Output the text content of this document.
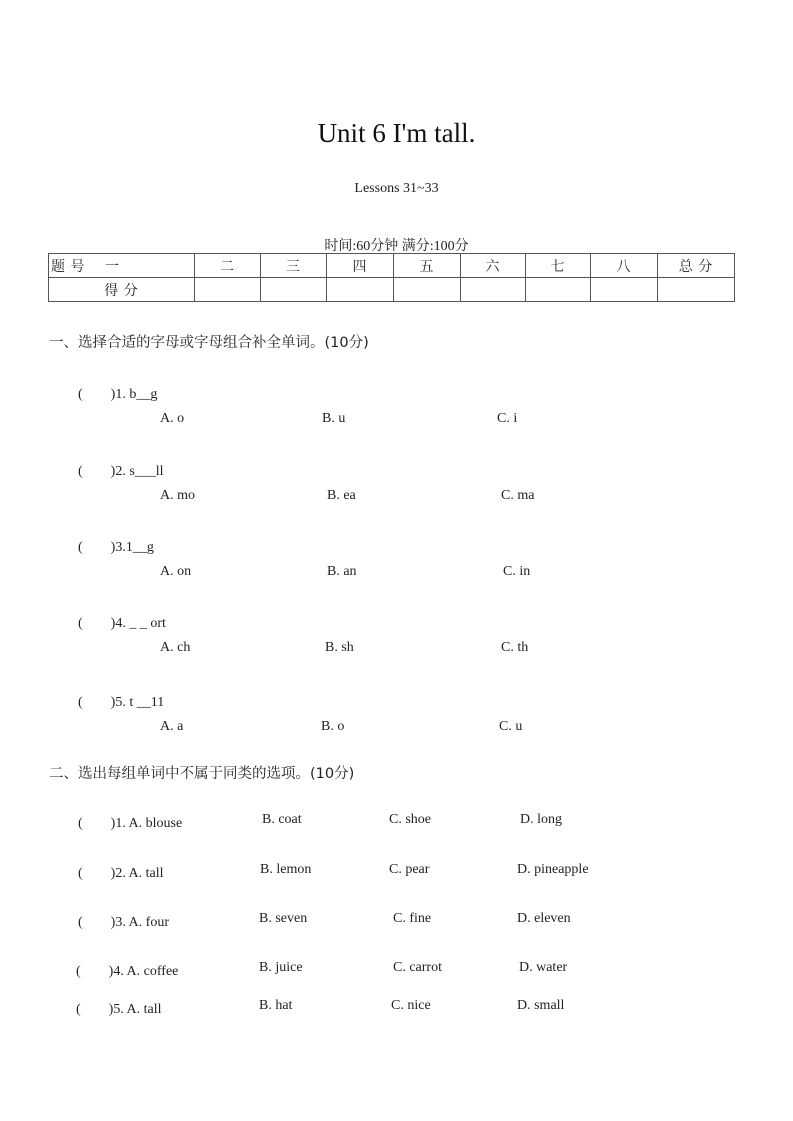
Unit 6 I'm tall.
Lessons 31~33
时间:60分钟 满分:100分
题 号　 一	二	三	四	五	六	七	八	总 分
得 分								
一、选择合适的字母或字母组合补全单词。(10分)
(　　)1. b__g
A. o	B. u	C. i
(　　)2. s___ll
A. mo	B. ea	C. ma
(　　)3.1__g
A. on	B. an	C. in
(　　)4. _ _ ort
A. ch	B. sh	C. th
(　　)5. t __11
A. a	B. o	C. u
二、选出每组单词中不属于同类的选项。(10分)
(　　)1. A. blouse	B. coat	C. shoe	D. long
(　　)2. A. tall	B. lemon	C. pear	D. pineapple
(　　)3. A. four	B. seven	C. fine	D. eleven
(　　)4. A. coffee	B. juice	C. carrot	D. water
(　　)5. A. tall	B. hat	C. nice	D. small
